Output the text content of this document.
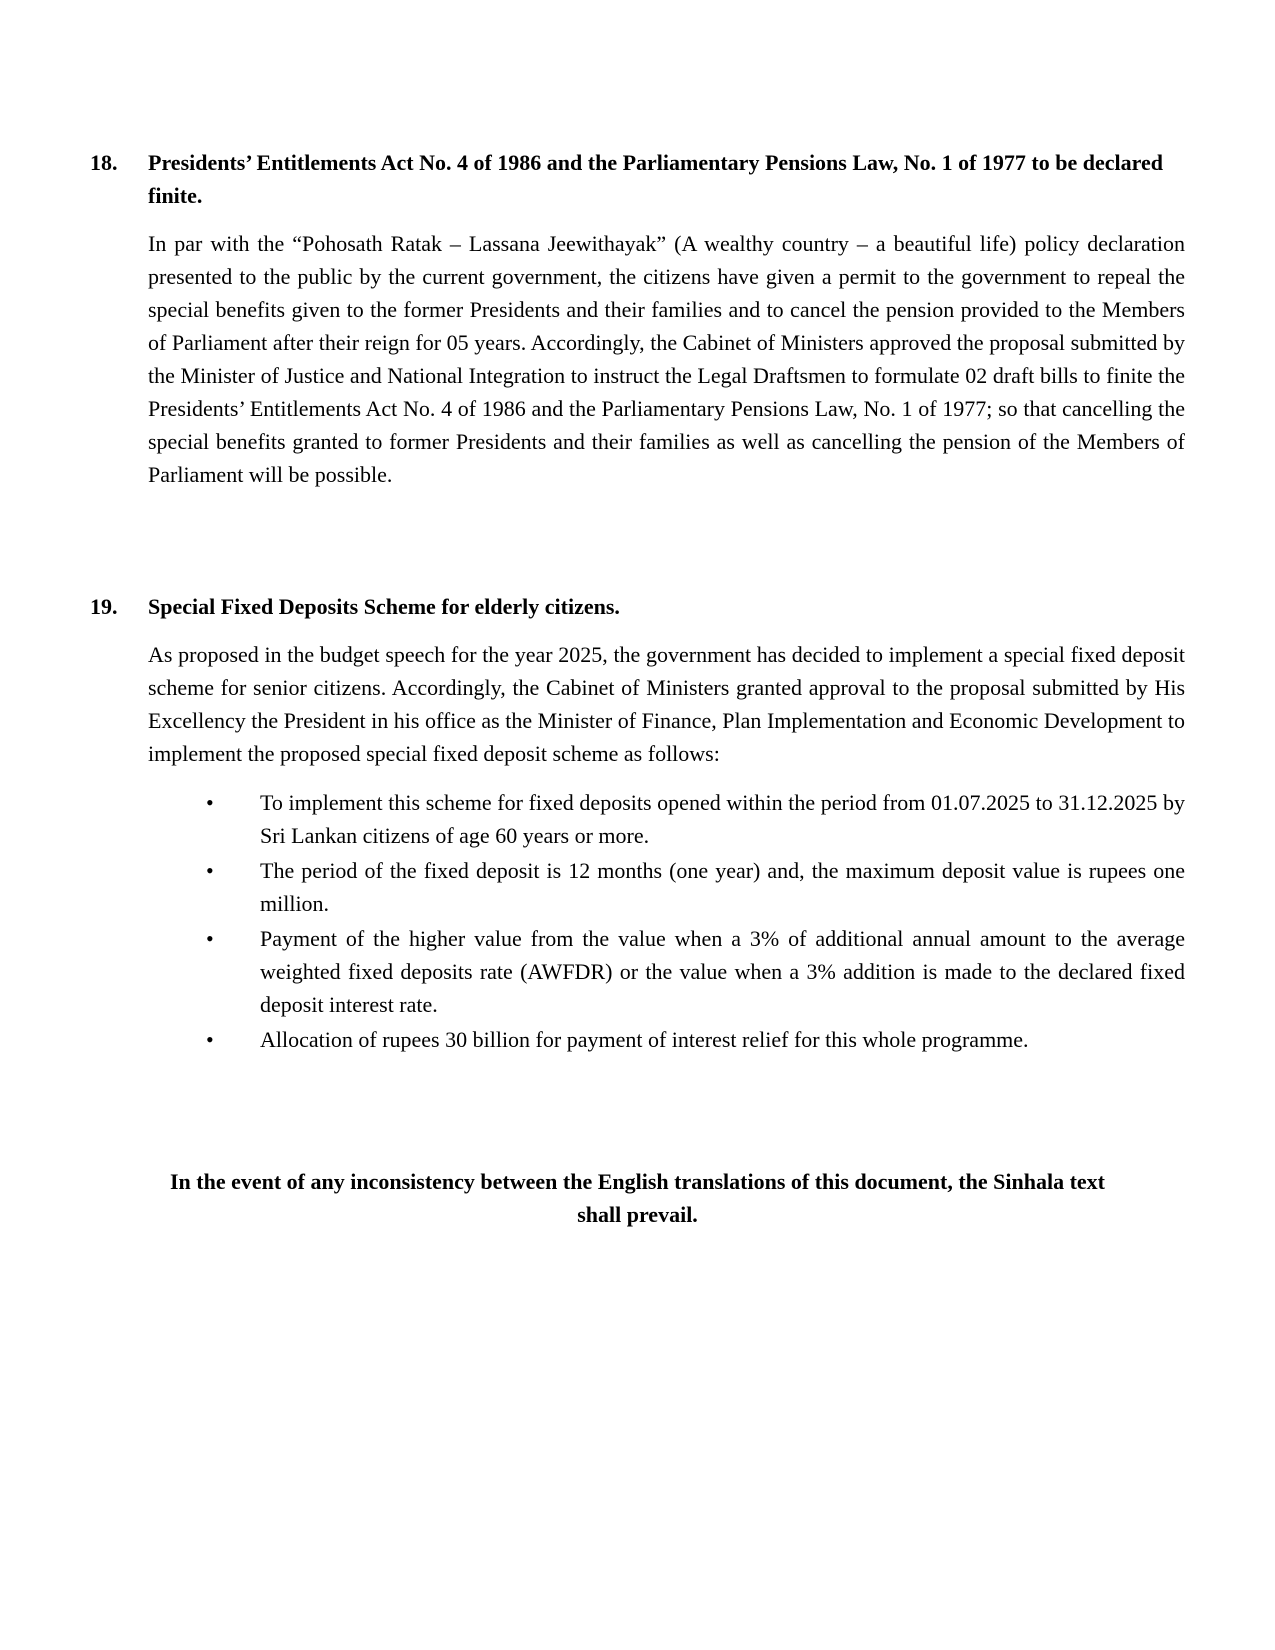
18.	Presidents’ Entitlements Act No. 4 of 1986 and the Parliamentary Pensions Law, No. 1 of 1977 to be declared finite.

In par with the “Pohosath Ratak – Lassana Jeewithayak” (A wealthy country – a beautiful life) policy declaration presented to the public by the current government, the citizens have given a permit to the government to repeal the special benefits given to the former Presidents and their families and to cancel the pension provided to the Members of Parliament after their reign for 05 years. Accordingly, the Cabinet of Ministers approved the proposal submitted by the Minister of Justice and National Integration to instruct the Legal Draftsmen to formulate 02 draft bills to finite the Presidents’ Entitlements Act No. 4 of 1986 and the Parliamentary Pensions Law, No. 1 of 1977; so that cancelling the special benefits granted to former Presidents and their families as well as cancelling the pension of the Members of Parliament will be possible.

19.	Special Fixed Deposits Scheme for elderly citizens.

As proposed in the budget speech for the year 2025, the government has decided to implement a special fixed deposit scheme for senior citizens. Accordingly, the Cabinet of Ministers granted approval to the proposal submitted by His Excellency the President in his office as the Minister of Finance, Plan Implementation and Economic Development to implement the proposed special fixed deposit scheme as follows:

•	To implement this scheme for fixed deposits opened within the period from 01.07.2025 to 31.12.2025 by Sri Lankan citizens of age 60 years or more.
•	The period of the fixed deposit is 12 months (one year) and, the maximum deposit value is rupees one million.
•	Payment of the higher value from the value when a 3% of additional annual amount to the average weighted fixed deposits rate (AWFDR) or the value when a 3% addition is made to the declared fixed deposit interest rate.
•	Allocation of rupees 30 billion for payment of interest relief for this whole programme.
In the event of any inconsistency between the English translations of this document, the Sinhala text shall prevail.
